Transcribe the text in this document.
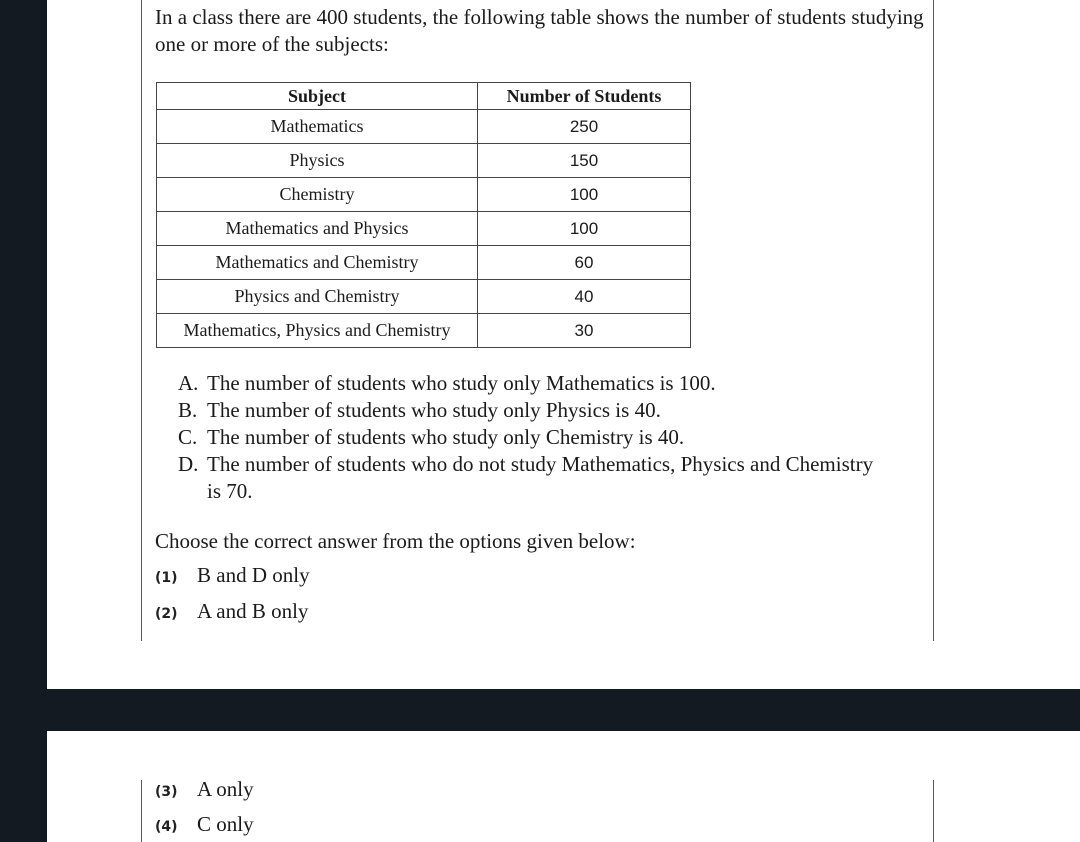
In a class there are 400 students, the following table shows the number of students studying one or more of the subjects:

Subject	Number of Students
Mathematics	250
Physics	150
Chemistry	100
Mathematics and Physics	100
Mathematics and Chemistry	60
Physics and Chemistry	40
Mathematics, Physics and Chemistry	30
A. The number of students who study only Mathematics is 100.
B. The number of students who study only Physics is 40.
C. The number of students who study only Chemistry is 40.
D. The number of students who do not study Mathematics, Physics and Chemistry is 70.

Choose the correct answer from the options given below:

(1) B and D only
(2) A and B only
(3) A only
(4) C only
